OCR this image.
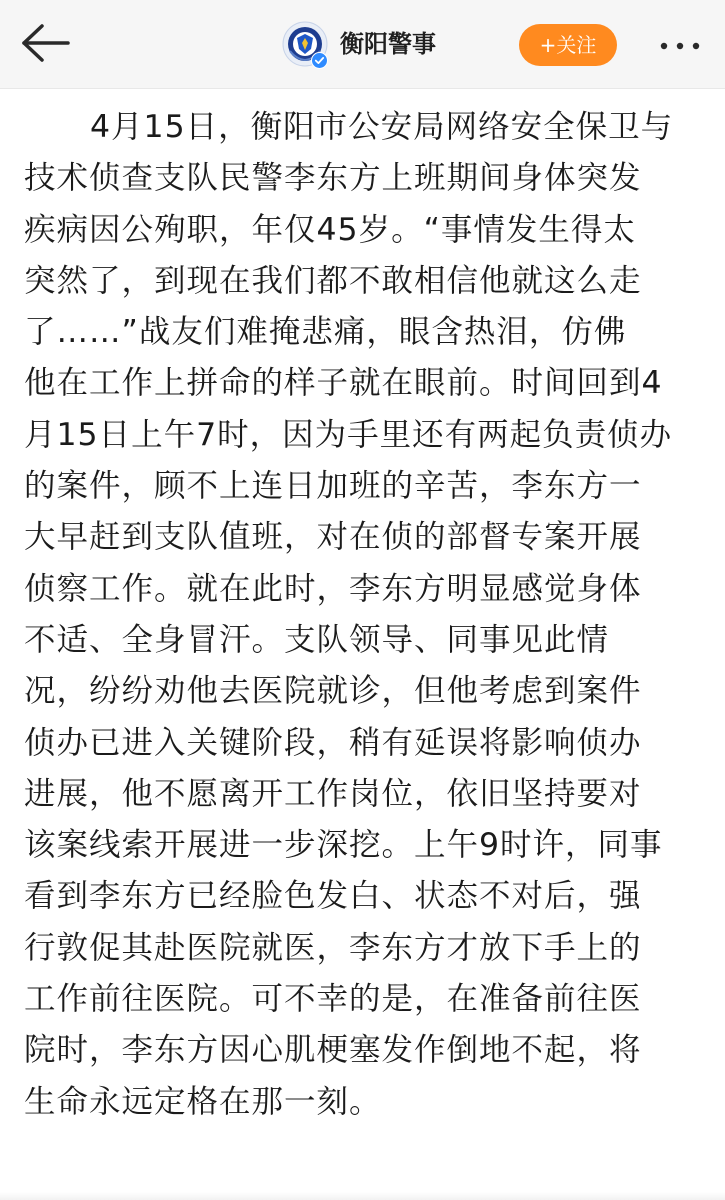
衡阳警事	+关注
4月15日，衡阳市公安局网络安全保卫与
技术侦查支队民警李东方上班期间身体突发
疾病因公殉职，年仅45岁。“事情发生得太
突然了，到现在我们都不敢相信他就这么走
了……”战友们难掩悲痛，眼含热泪，仿佛
他在工作上拼命的样子就在眼前。时间回到4
月15日上午7时，因为手里还有两起负责侦办
的案件，顾不上连日加班的辛苦，李东方一
大早赶到支队值班，对在侦的部督专案开展
侦察工作。就在此时，李东方明显感觉身体
不适、全身冒汗。支队领导、同事见此情
况，纷纷劝他去医院就诊，但他考虑到案件
侦办已进入关键阶段，稍有延误将影响侦办
进展，他不愿离开工作岗位，依旧坚持要对
该案线索开展进一步深挖。上午9时许，同事
看到李东方已经脸色发白、状态不对后，强
行敦促其赴医院就医，李东方才放下手上的
工作前往医院。可不幸的是，在准备前往医
院时，李东方因心肌梗塞发作倒地不起，将
生命永远定格在那一刻。
